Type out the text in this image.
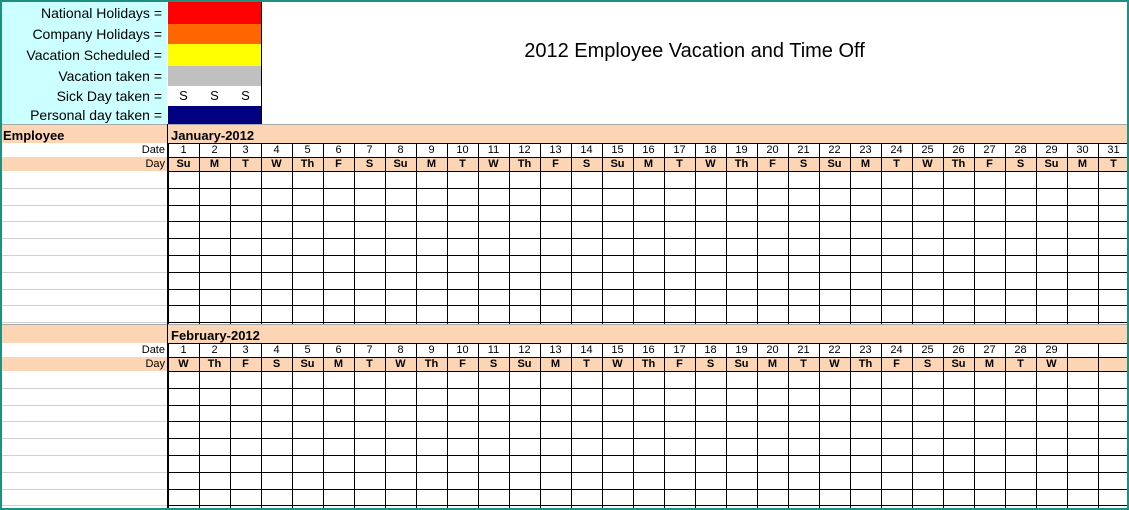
National Holidays =
Company Holidays =
Vacation Scheduled =
Vacation taken =
Sick Day taken =	S	S	S
Personal day taken =
2012 Employee Vacation and Time Off
Employee	January-2012
Date	1	2	3	4	5	6	7	8	9	10	11	12	13	14	15	16	17	18	19	20	21	22	23	24	25	26	27	28	29	30	31
Day	Su	M	T	W	Th	F	S	Su	M	T	W	Th	F	S	Su	M	T	W	Th	F	S	Su	M	T	W	Th	F	S	Su	M	T
February-2012
Date	1	2	3	4	5	6	7	8	9	10	11	12	13	14	15	16	17	18	19	20	21	22	23	24	25	26	27	28	29
Day	W	Th	F	S	Su	M	T	W	Th	F	S	Su	M	T	W	Th	F	S	Su	M	T	W	Th	F	S	Su	M	T	W
